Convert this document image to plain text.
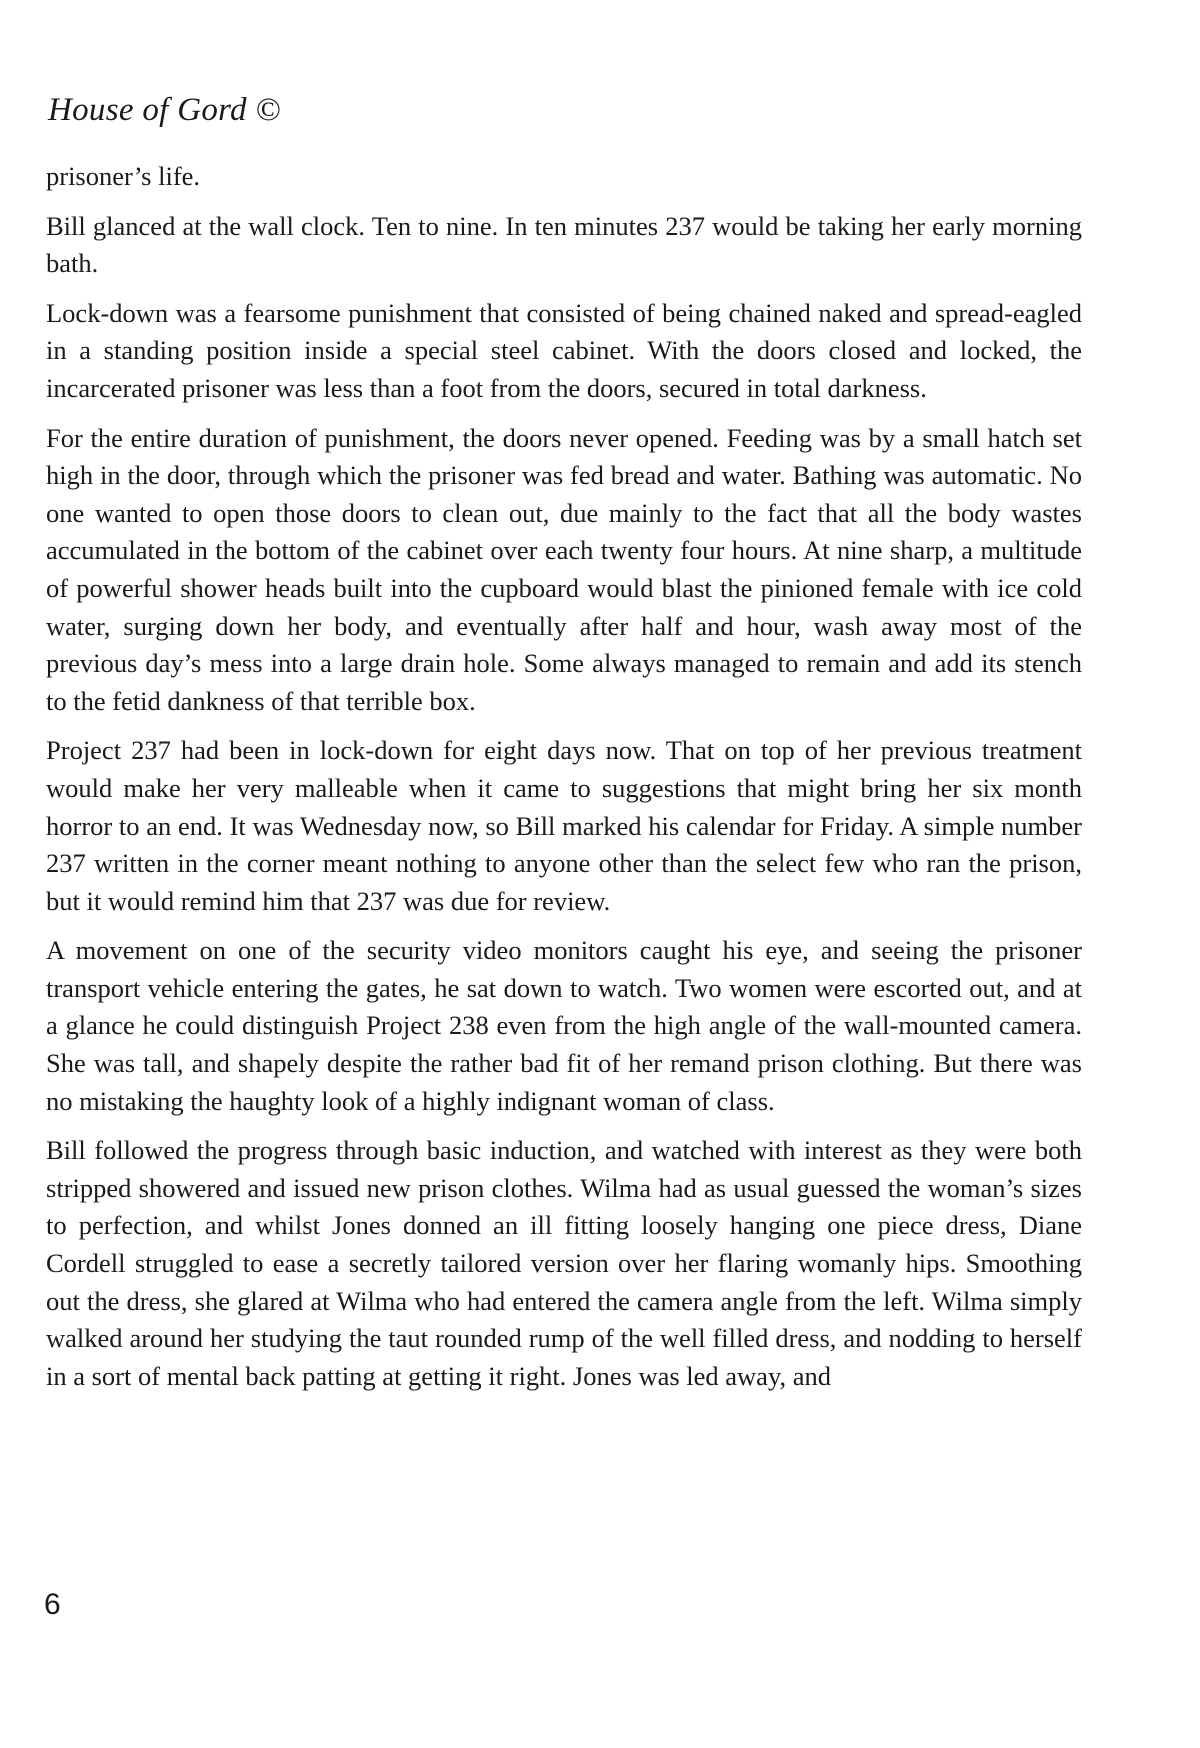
House of Gord ©

prisoner’s life.

Bill glanced at the wall clock. Ten to nine. In ten minutes 237 would be taking her early morning bath.

Lock-down was a fearsome punishment that consisted of being chained naked and spread-eagled in a standing position inside a special steel cabinet. With the doors closed and locked, the incarcerated prisoner was less than a foot from the doors, secured in total darkness.

For the entire duration of punishment, the doors never opened. Feeding was by a small hatch set high in the door, through which the prisoner was fed bread and water. Bathing was automatic. No one wanted to open those doors to clean out, due mainly to the fact that all the body wastes accumulated in the bottom of the cabinet over each twenty four hours. At nine sharp, a multitude of powerful shower heads built into the cupboard would blast the pinioned female with ice cold water, surging down her body, and eventually after half and hour, wash away most of the previous day’s mess into a large drain hole. Some always managed to remain and add its stench to the fetid dankness of that terrible box.

Project 237 had been in lock-down for eight days now. That on top of her previous treatment would make her very malleable when it came to suggestions that might bring her six month horror to an end. It was Wednesday now, so Bill marked his calendar for Friday. A simple number 237 written in the corner meant nothing to anyone other than the select few who ran the prison, but it would remind him that 237 was due for review.

A movement on one of the security video monitors caught his eye, and seeing the prisoner transport vehicle entering the gates, he sat down to watch. Two women were escorted out, and at a glance he could distinguish Project 238 even from the high angle of the wall-mounted camera. She was tall, and shapely despite the rather bad fit of her remand prison clothing. But there was no mistaking the haughty look of a highly indignant woman of class.

Bill followed the progress through basic induction, and watched with interest as they were both stripped showered and issued new prison clothes. Wilma had as usual guessed the woman’s sizes to perfection, and whilst Jones donned an ill fitting loosely hanging one piece dress, Diane Cordell struggled to ease a secretly tailored version over her flaring womanly hips. Smoothing out the dress, she glared at Wilma who had entered the camera angle from the left. Wilma simply walked around her studying the taut rounded rump of the well filled dress, and nodding to herself in a sort of mental back patting at getting it right. Jones was led away, and

6
